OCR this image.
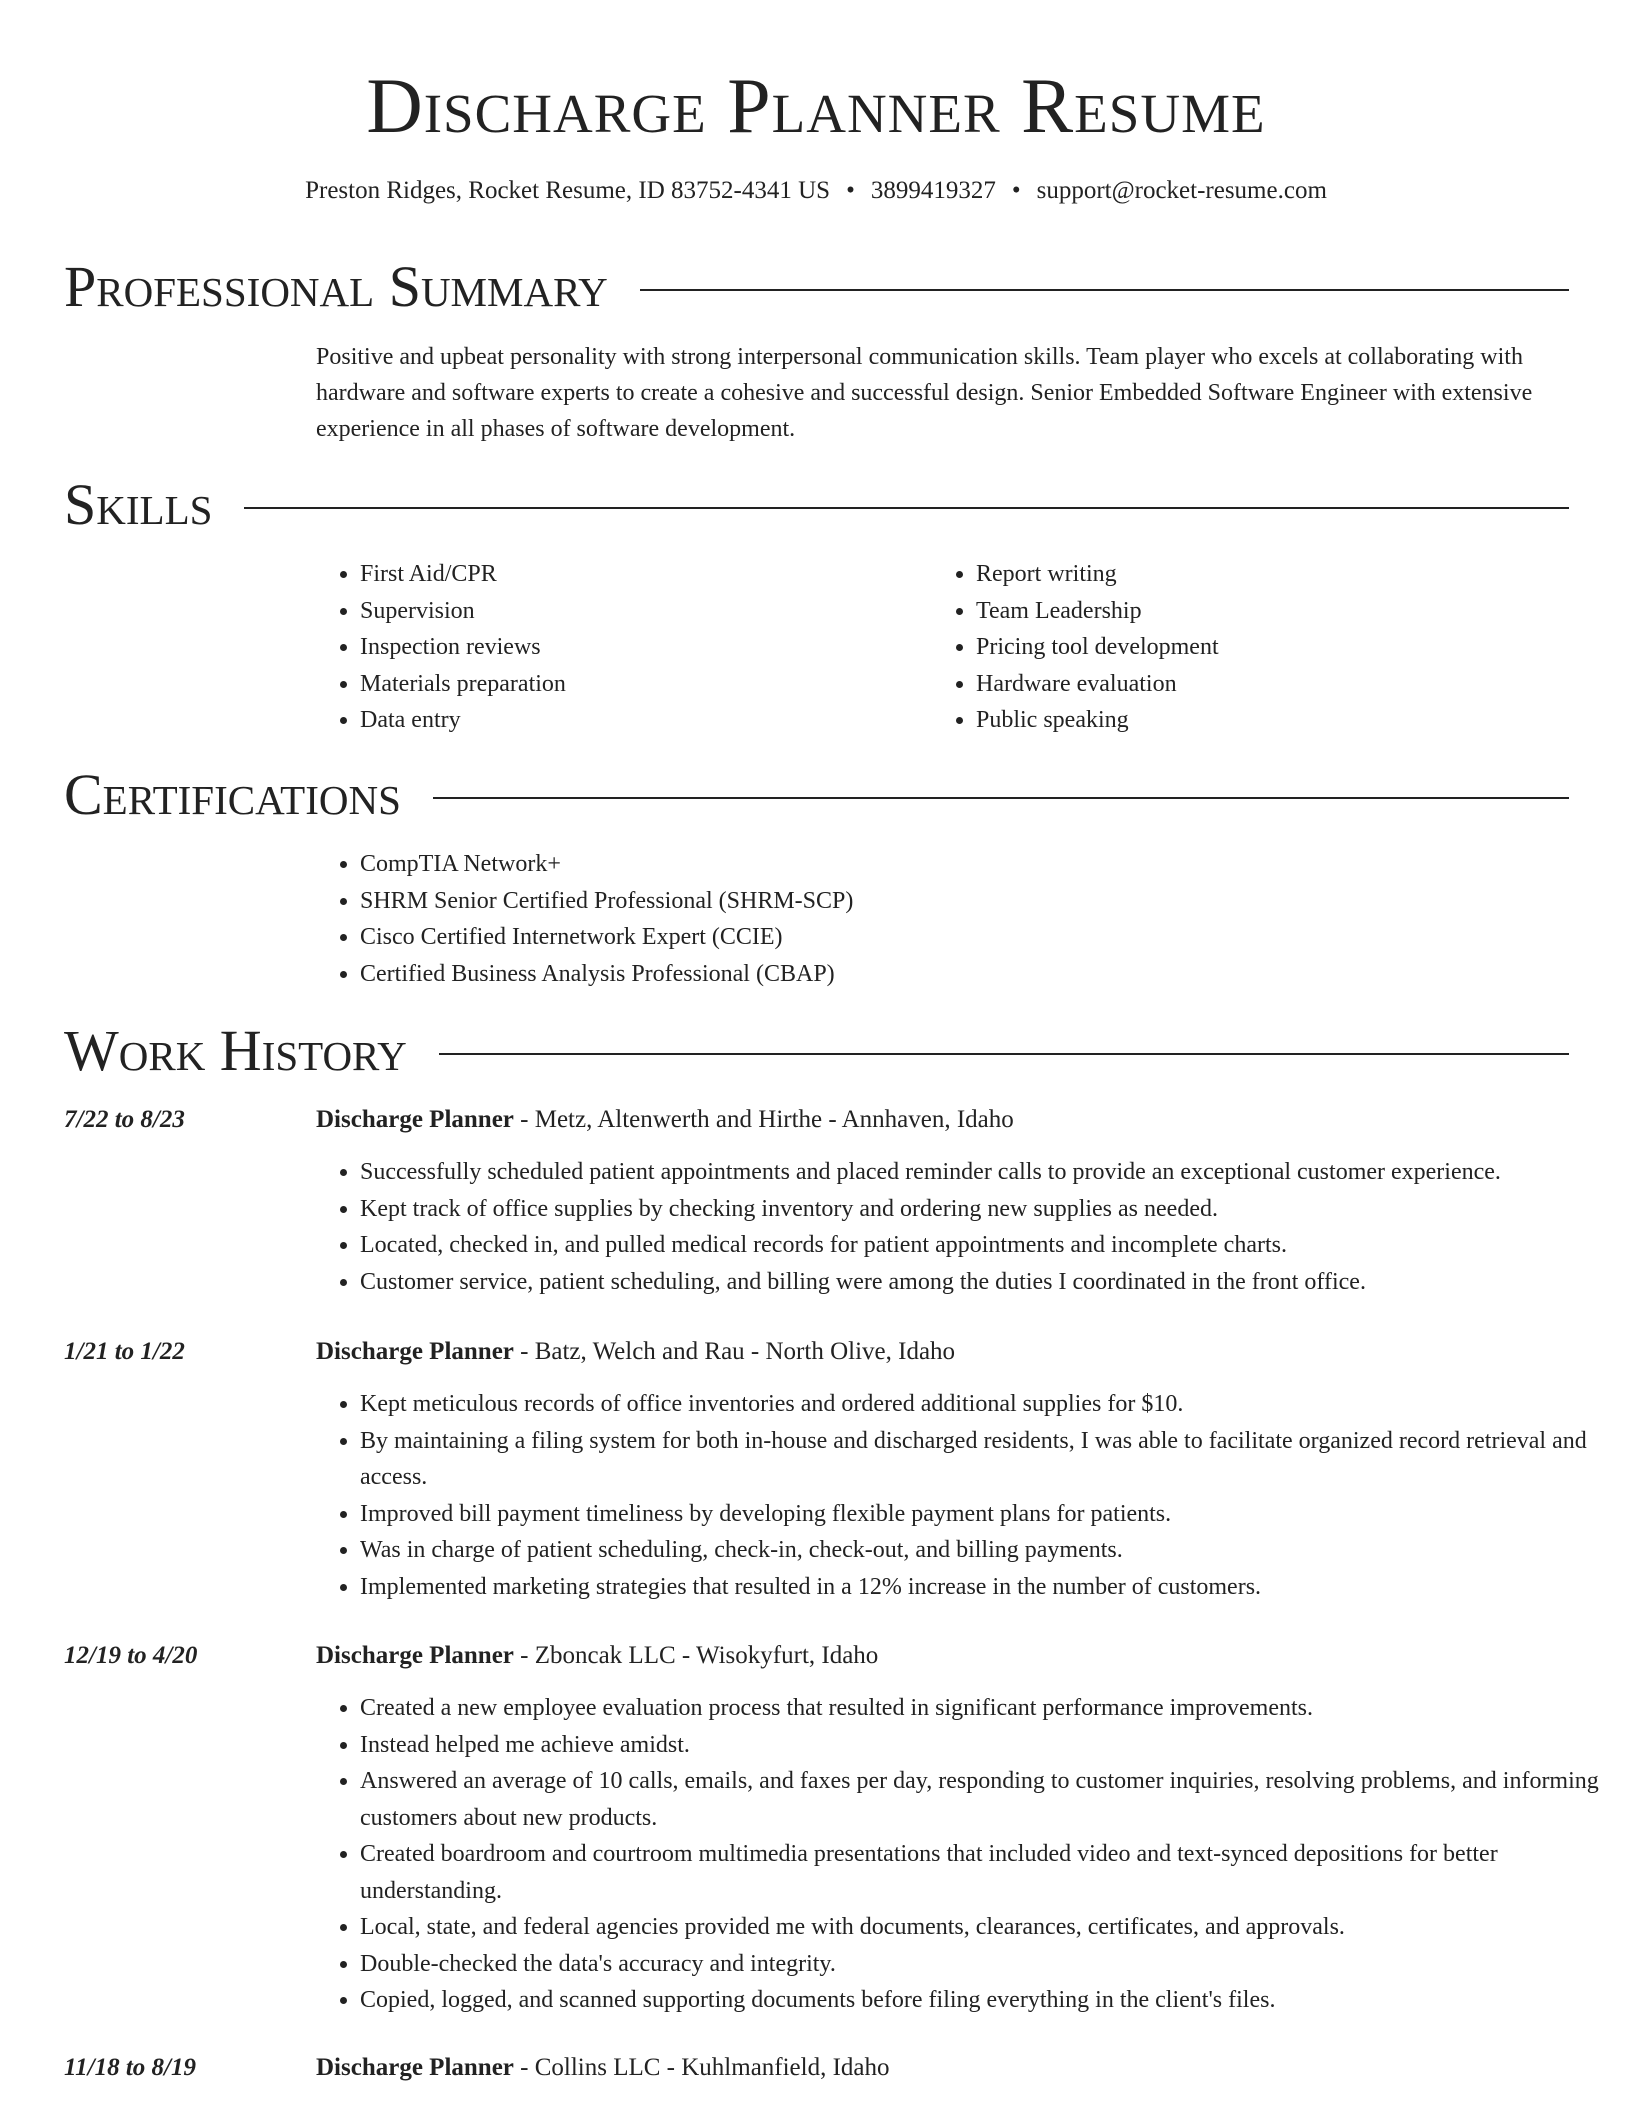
Discharge Planner Resume
Preston Ridges, Rocket Resume, ID 83752-4341 US • 3899419327 • support@rocket-resume.com
Professional Summary

Positive and upbeat personality with strong interpersonal communication skills. Team player who excels at collaborating with hardware and software experts to create a cohesive and successful design. Senior Embedded Software Engineer with extensive experience in all phases of software development.

Skills
• First Aid/CPR
• Supervision
• Inspection reviews
• Materials preparation
• Data entry
• Report writing
• Team Leadership
• Pricing tool development
• Hardware evaluation
• Public speaking
Certifications
• CompTIA Network+
• SHRM Senior Certified Professional (SHRM-SCP)
• Cisco Certified Internetwork Expert (CCIE)
• Certified Business Analysis Professional (CBAP)
Work History
7/22 to 8/23	Discharge Planner - Metz, Altenwerth and Hirthe - Annhaven, Idaho
• Successfully scheduled patient appointments and placed reminder calls to provide an exceptional customer experience.
• Kept track of office supplies by checking inventory and ordering new supplies as needed.
• Located, checked in, and pulled medical records for patient appointments and incomplete charts.
• Customer service, patient scheduling, and billing were among the duties I coordinated in the front office.
1/21 to 1/22	Discharge Planner - Batz, Welch and Rau - North Olive, Idaho
• Kept meticulous records of office inventories and ordered additional supplies for $10.
• By maintaining a filing system for both in-house and discharged residents, I was able to facilitate organized record retrieval and access.
• Improved bill payment timeliness by developing flexible payment plans for patients.
• Was in charge of patient scheduling, check-in, check-out, and billing payments.
• Implemented marketing strategies that resulted in a 12% increase in the number of customers.
12/19 to 4/20	Discharge Planner - Zboncak LLC - Wisokyfurt, Idaho
• Created a new employee evaluation process that resulted in significant performance improvements.
• Instead helped me achieve amidst.
• Answered an average of 10 calls, emails, and faxes per day, responding to customer inquiries, resolving problems, and informing customers about new products.
• Created boardroom and courtroom multimedia presentations that included video and text-synced depositions for better understanding.
• Local, state, and federal agencies provided me with documents, clearances, certificates, and approvals.
• Double-checked the data's accuracy and integrity.
• Copied, logged, and scanned supporting documents before filing everything in the client's files.
11/18 to 8/19	Discharge Planner - Collins LLC - Kuhlmanfield, Idaho
